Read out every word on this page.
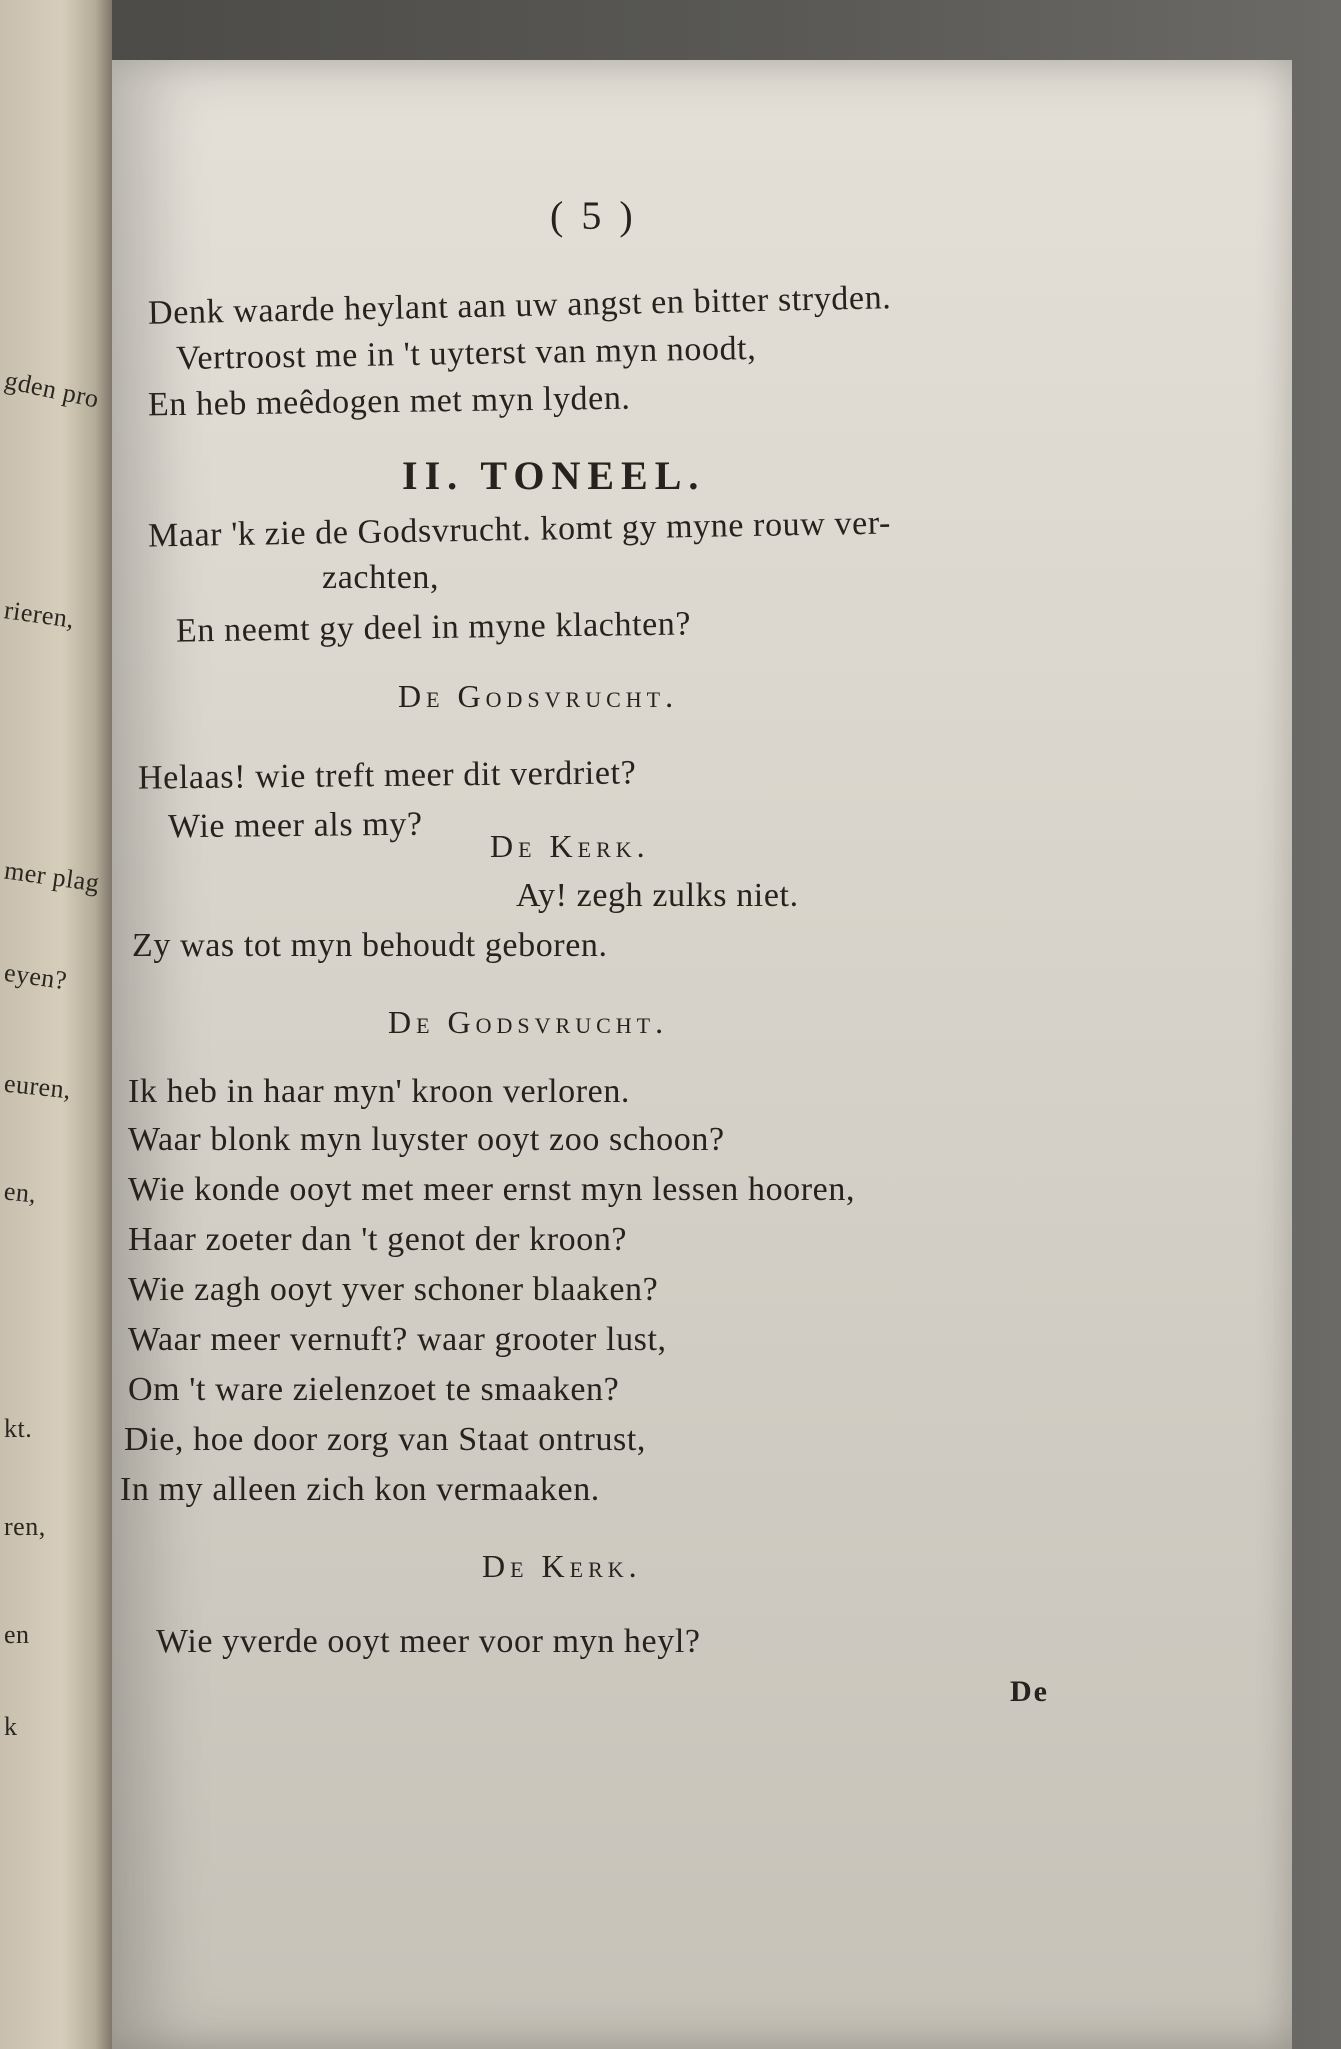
gden pro
rieren,
mer plag
eyen?
euren,
en,
kt.
ren,
en
k
( 5 )
Denk waarde heylant aan uw angst en bitter stryden.
Vertroost me in 't uyterst van myn noodt,
En heb meêdogen met myn lyden.
II. TONEEL.
Maar 'k zie de Godsvrucht. komt gy myne rouw ver-
zachten,
En neemt gy deel in myne klachten?
De Godsvrucht.
Helaas! wie treft meer dit verdriet?
Wie meer als my?
De Kerk.
Ay! zegh zulks niet.
Zy was tot myn behoudt geboren.
De Godsvrucht.
Ik heb in haar myn' kroon verloren.
Waar blonk myn luyster ooyt zoo schoon?
Wie konde ooyt met meer ernst myn lessen hooren,
Haar zoeter dan 't genot der kroon?
Wie zagh ooyt yver schoner blaaken?
Waar meer vernuft? waar grooter lust,
Om 't ware zielenzoet te smaaken?
Die, hoe door zorg van Staat ontrust,
In my alleen zich kon vermaaken.
De Kerk.
Wie yverde ooyt meer voor myn heyl?
De
